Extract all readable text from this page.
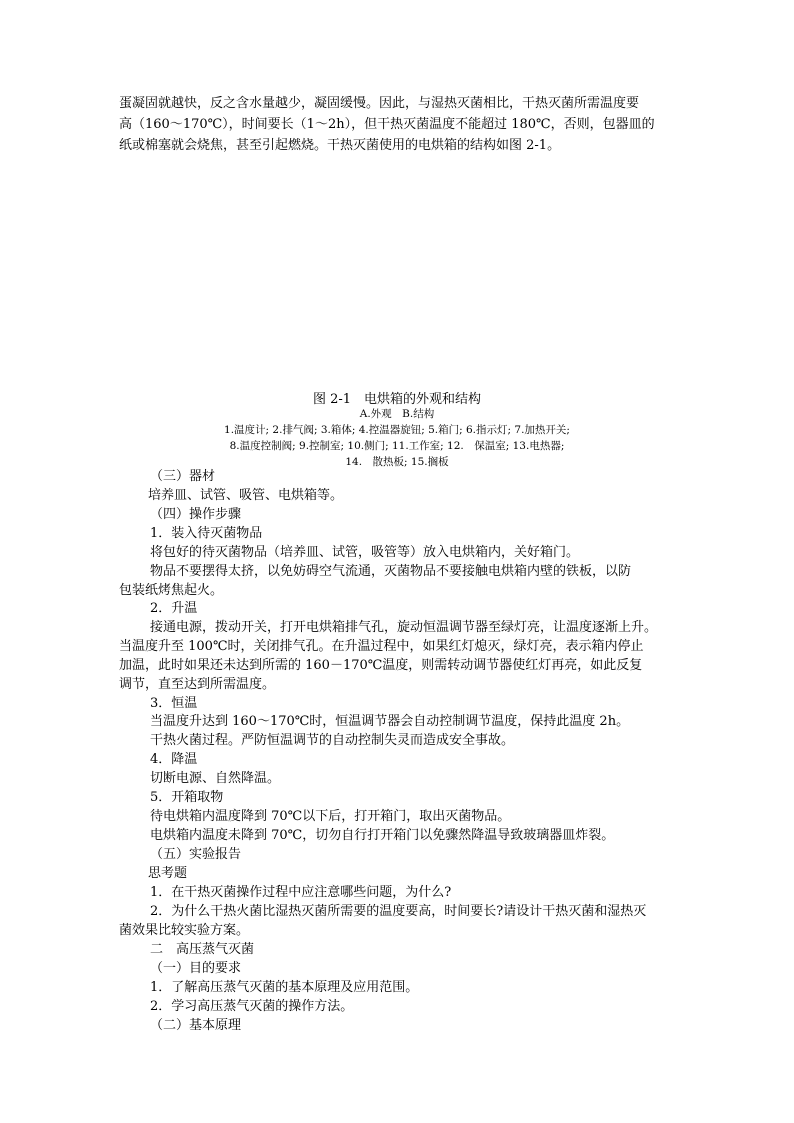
蛋凝固就越快，反之含水量越少，凝固缓慢。因此，与湿热灭菌相比，干热灭菌所需温度要
高（160～170℃），时间要长（1～2h），但干热灭菌温度不能超过 180℃，否则，包器皿的
纸或棉塞就会烧焦，甚至引起燃烧。干热灭菌使用的电烘箱的结构如图 2-1。
图 2-1　电烘箱的外观和结构
A.外观　B.结构
1.温度计; 2.排气阀; 3.箱体; 4.控温器旋钮; 5.箱门; 6.指示灯; 7.加热开关;
8.温度控制阀; 9.控制室; 10.侧门; 11.工作室; 12.　保温室; 13.电热器;
14.　散热板; 15.搁板
（三）器材
培养皿、试管、吸管、电烘箱等。
（四）操作步骤
1．装入待灭菌物品
将包好的待灭菌物品（培养皿、试管，吸管等）放入电烘箱内，关好箱门。
物品不要摆得太挤，以免妨碍空气流通，灭菌物品不要接触电烘箱内壁的铁板，以防
包装纸烤焦起火。
2．升温
接通电源，拨动开关，打开电烘箱排气孔，旋动恒温调节器至绿灯亮，让温度逐渐上升。
当温度升至 100℃时，关闭排气孔。在升温过程中，如果红灯熄灭，绿灯亮，表示箱内停止
加温，此时如果还未达到所需的 160－170℃温度，则需转动调节器使红灯再亮，如此反复
调节，直至达到所需温度。
3．恒温
当温度升达到 160～170℃时，恒温调节器会自动控制调节温度，保持此温度 2h。
干热火菌过程。严防恒温调节的自动控制失灵而造成安全事故。
4．降温
切断电源、自然降温。
5．开箱取物
待电烘箱内温度降到 70℃以下后，打开箱门，取出灭菌物品。
电烘箱内温度未降到 70℃，切勿自行打开箱门以免骤然降温导致玻璃器皿炸裂。
（五）实验报告
思考题
1．在干热灭菌操作过程中应注意哪些问题，为什么?
2．为什么干热火菌比湿热灭菌所需要的温度要高，时间要长?请设计干热灭菌和湿热灭
菌效果比较实验方案。
二　高压蒸气灭菌
（一）目的要求
1．了解高压蒸气灭菌的基本原理及应用范围。
2．学习高压蒸气灭菌的操作方法。
（二）基本原理
